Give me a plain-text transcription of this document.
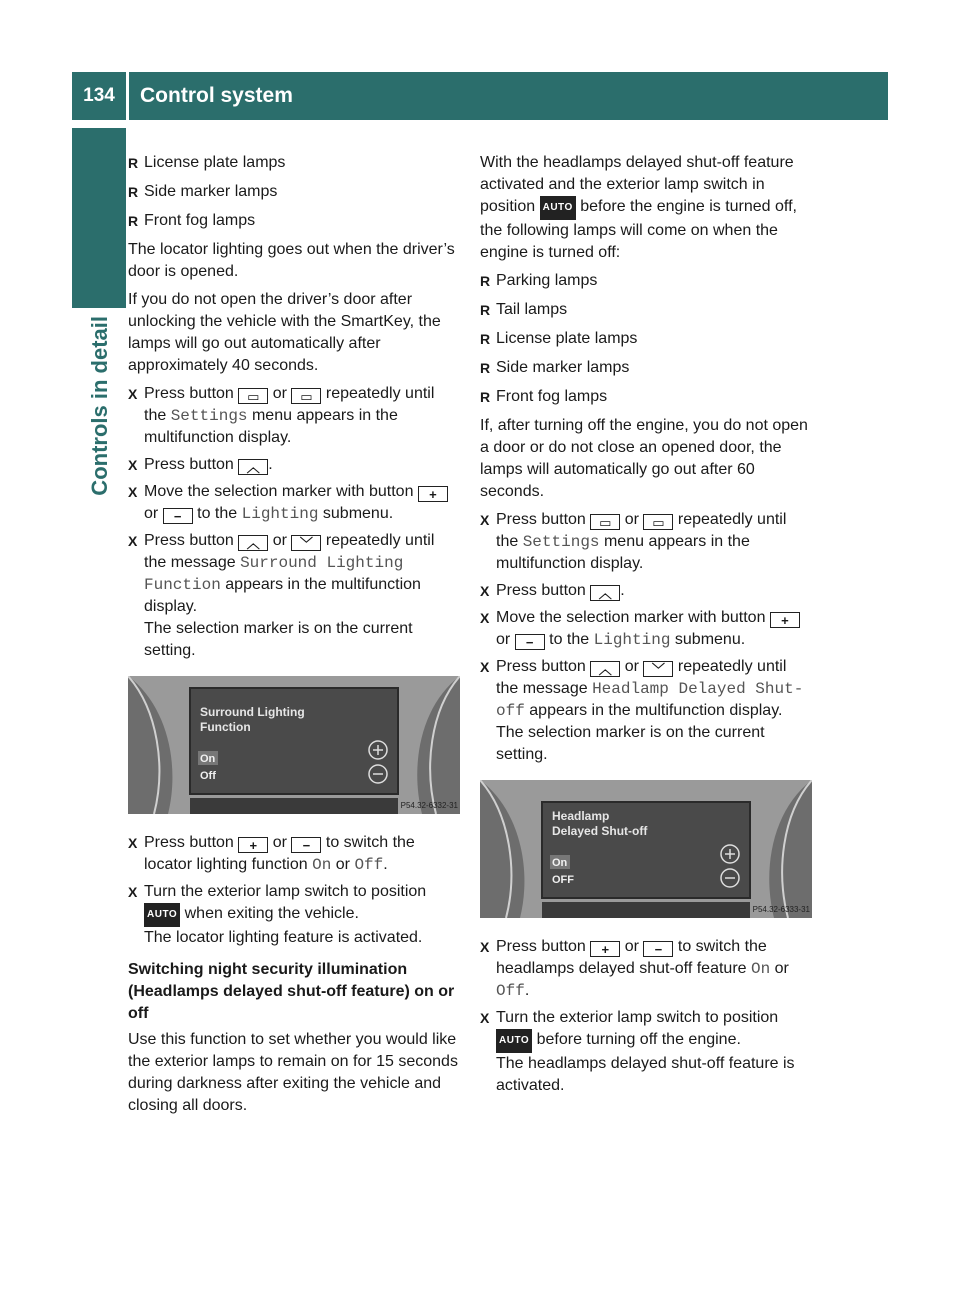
134	Control system
Controls in detail
R License plate lamps
R Side marker lamps
R Front fog lamps

The locator lighting goes out when the driver’s door is opened.

If you do not open the driver’s door after unlocking the vehicle with the SmartKey, the lamps will go out automatically after approximately 40 seconds.

X Press button ▭ or ▭ repeatedly until the Settings menu appears in the multifunction display.
X Press button ︿ .
X Move the selection marker with button + or − to the Lighting submenu.
X Press button ︿ or ﹀ repeatedly until the message Surround Lighting Function appears in the multifunction display.
The selection marker is on the current setting.
Surround Lighting
Function
On
Off
P54.32-6332-31
X Press button + or − to switch the locator lighting function On or Off.
X Turn the exterior lamp switch to position AUTO when exiting the vehicle.
The locator lighting feature is activated.
Switching night security illumination (Headlamps delayed shut-off feature) on or off

Use this function to set whether you would like the exterior lamps to remain on for 15 seconds during darkness after exiting the vehicle and closing all doors.

With the headlamps delayed shut-off feature activated and the exterior lamp switch in position AUTO before the engine is turned off, the following lamps will come on when the engine is turned off:

R Parking lamps
R Tail lamps
R License plate lamps
R Side marker lamps
R Front fog lamps

If, after turning off the engine, you do not open a door or do not close an opened door, the lamps will automatically go out after 60 seconds.

X Press button ▭ or ▭ repeatedly until the Settings menu appears in the multifunction display.
X Press button ︿ .
X Move the selection marker with button + or − to the Lighting submenu.
X Press button ︿ or ﹀ repeatedly until the message Headlamp Delayed Shut-off appears in the multifunction display.
The selection marker is on the current setting.
Headlamp
Delayed Shut-off
On
OFF
P54.32-6333-31
X Press button + or − to switch the headlamps delayed shut-off feature On or Off.
X Turn the exterior lamp switch to position AUTO before turning off the engine.
The headlamps delayed shut-off feature is activated.
